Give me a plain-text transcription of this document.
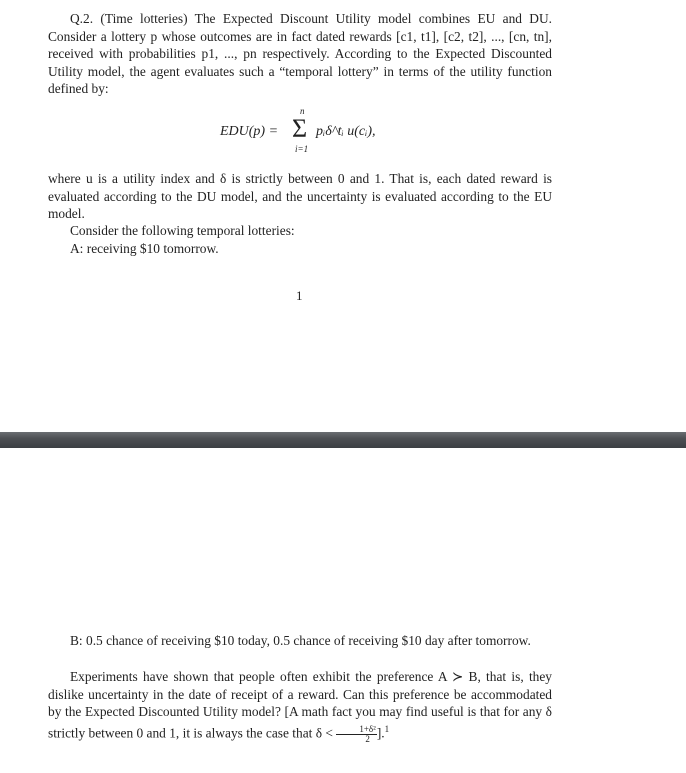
Q.2. (Time lotteries) The Expected Discount Utility model combines EU and DU. Consider a lottery p whose outcomes are in fact dated rewards [c1, t1], [c2, t2], ..., [cn, tn], received with probabilities p1, ..., pn respectively. According to the Expected Discounted Utility model, the agent evaluates such a “temporal lottery” in terms of the utility function defined by:
EDU(p) =
n
Σ
i=1
pᵢδ^tᵢ u(cᵢ),
where u is a utility index and δ is strictly between 0 and 1. That is, each dated reward is evaluated according to the DU model, and the uncertainty is evaluated according to the EU model.
Consider the following temporal lotteries:
A: receiving $10 tomorrow.
1
B: 0.5 chance of receiving $10 today, 0.5 chance of receiving $10 day after tomorrow.
Experiments have shown that people often exhibit the preference A ≻ B, that is, they dislike uncertainty in the date of receipt of a reward. Can this preference be accommodated by the Expected Discounted Utility model? [A math fact you may find useful is that for any δ strictly between 0 and 1, it is always the case that $\delta < \frac{\text{1+δ²}}{2} ].^1$
